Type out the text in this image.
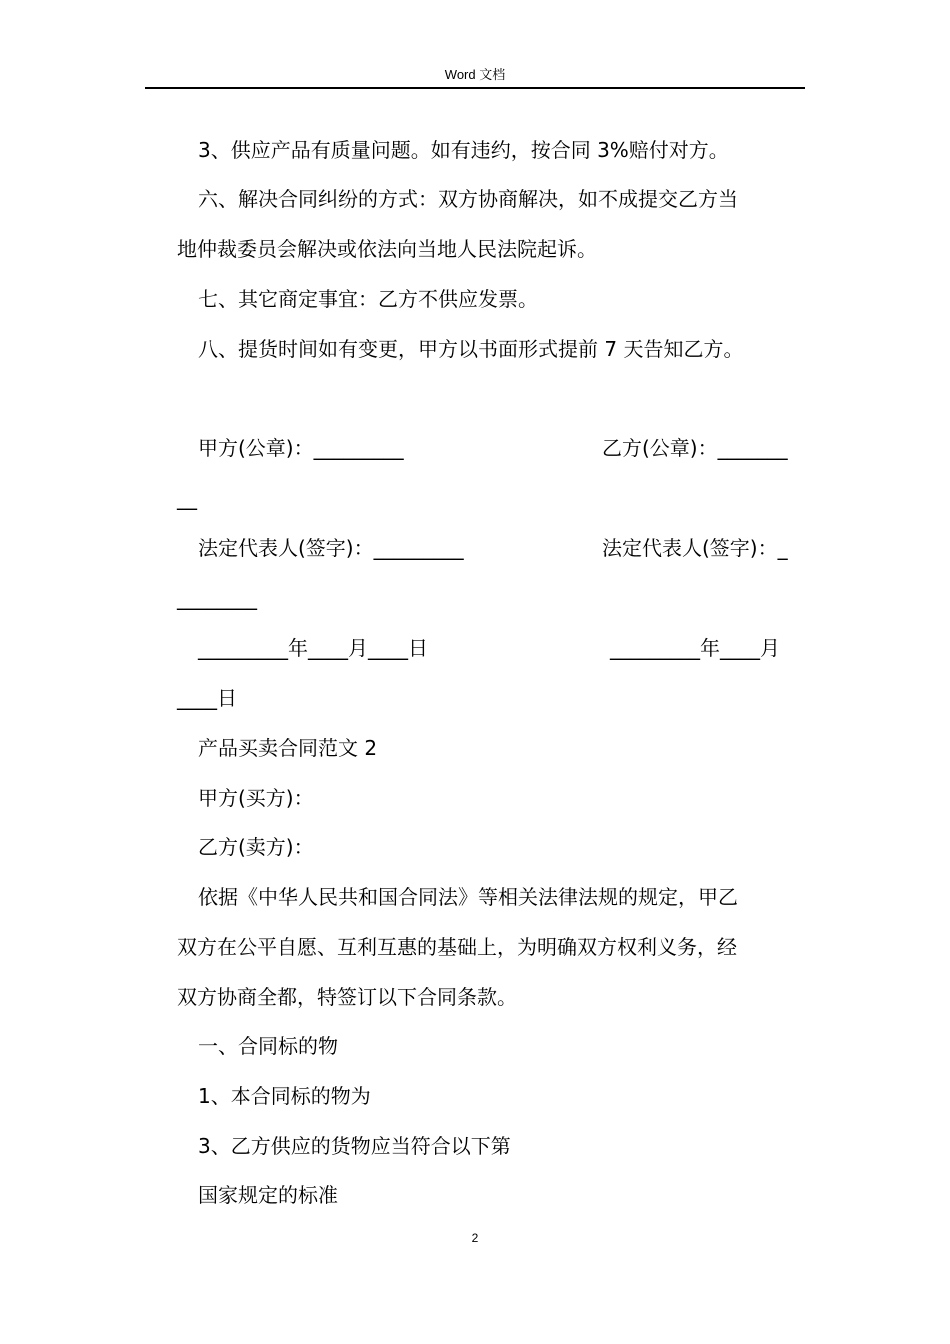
Word 文档
3、供应产品有质量问题。如有违约，按合同 3%赔付对方。
六、解决合同纠纷的方式：双方协商解决，如不成提交乙方当
地仲裁委员会解决或依法向当地人民法院起诉。
七、其它商定事宜：乙方不供应发票。
八、提货时间如有变更，甲方以书面形式提前 7 天告知乙方。
甲方(公章)：_________	乙方(公章)：_______
__
法定代表人(签字)：_________	法定代表人(签字)：_
________
_________年____月____日	_________年____月
____日
产品买卖合同范文 2
甲方(买方)：
乙方(卖方)：
依据《中华人民共和国合同法》等相关法律法规的规定，甲乙
双方在公平自愿、互利互惠的基础上，为明确双方权利义务，经
双方协商全都，特签订以下合同条款。
一、合同标的物
1、本合同标的物为
3、乙方供应的货物应当符合以下第
国家规定的标准
2
